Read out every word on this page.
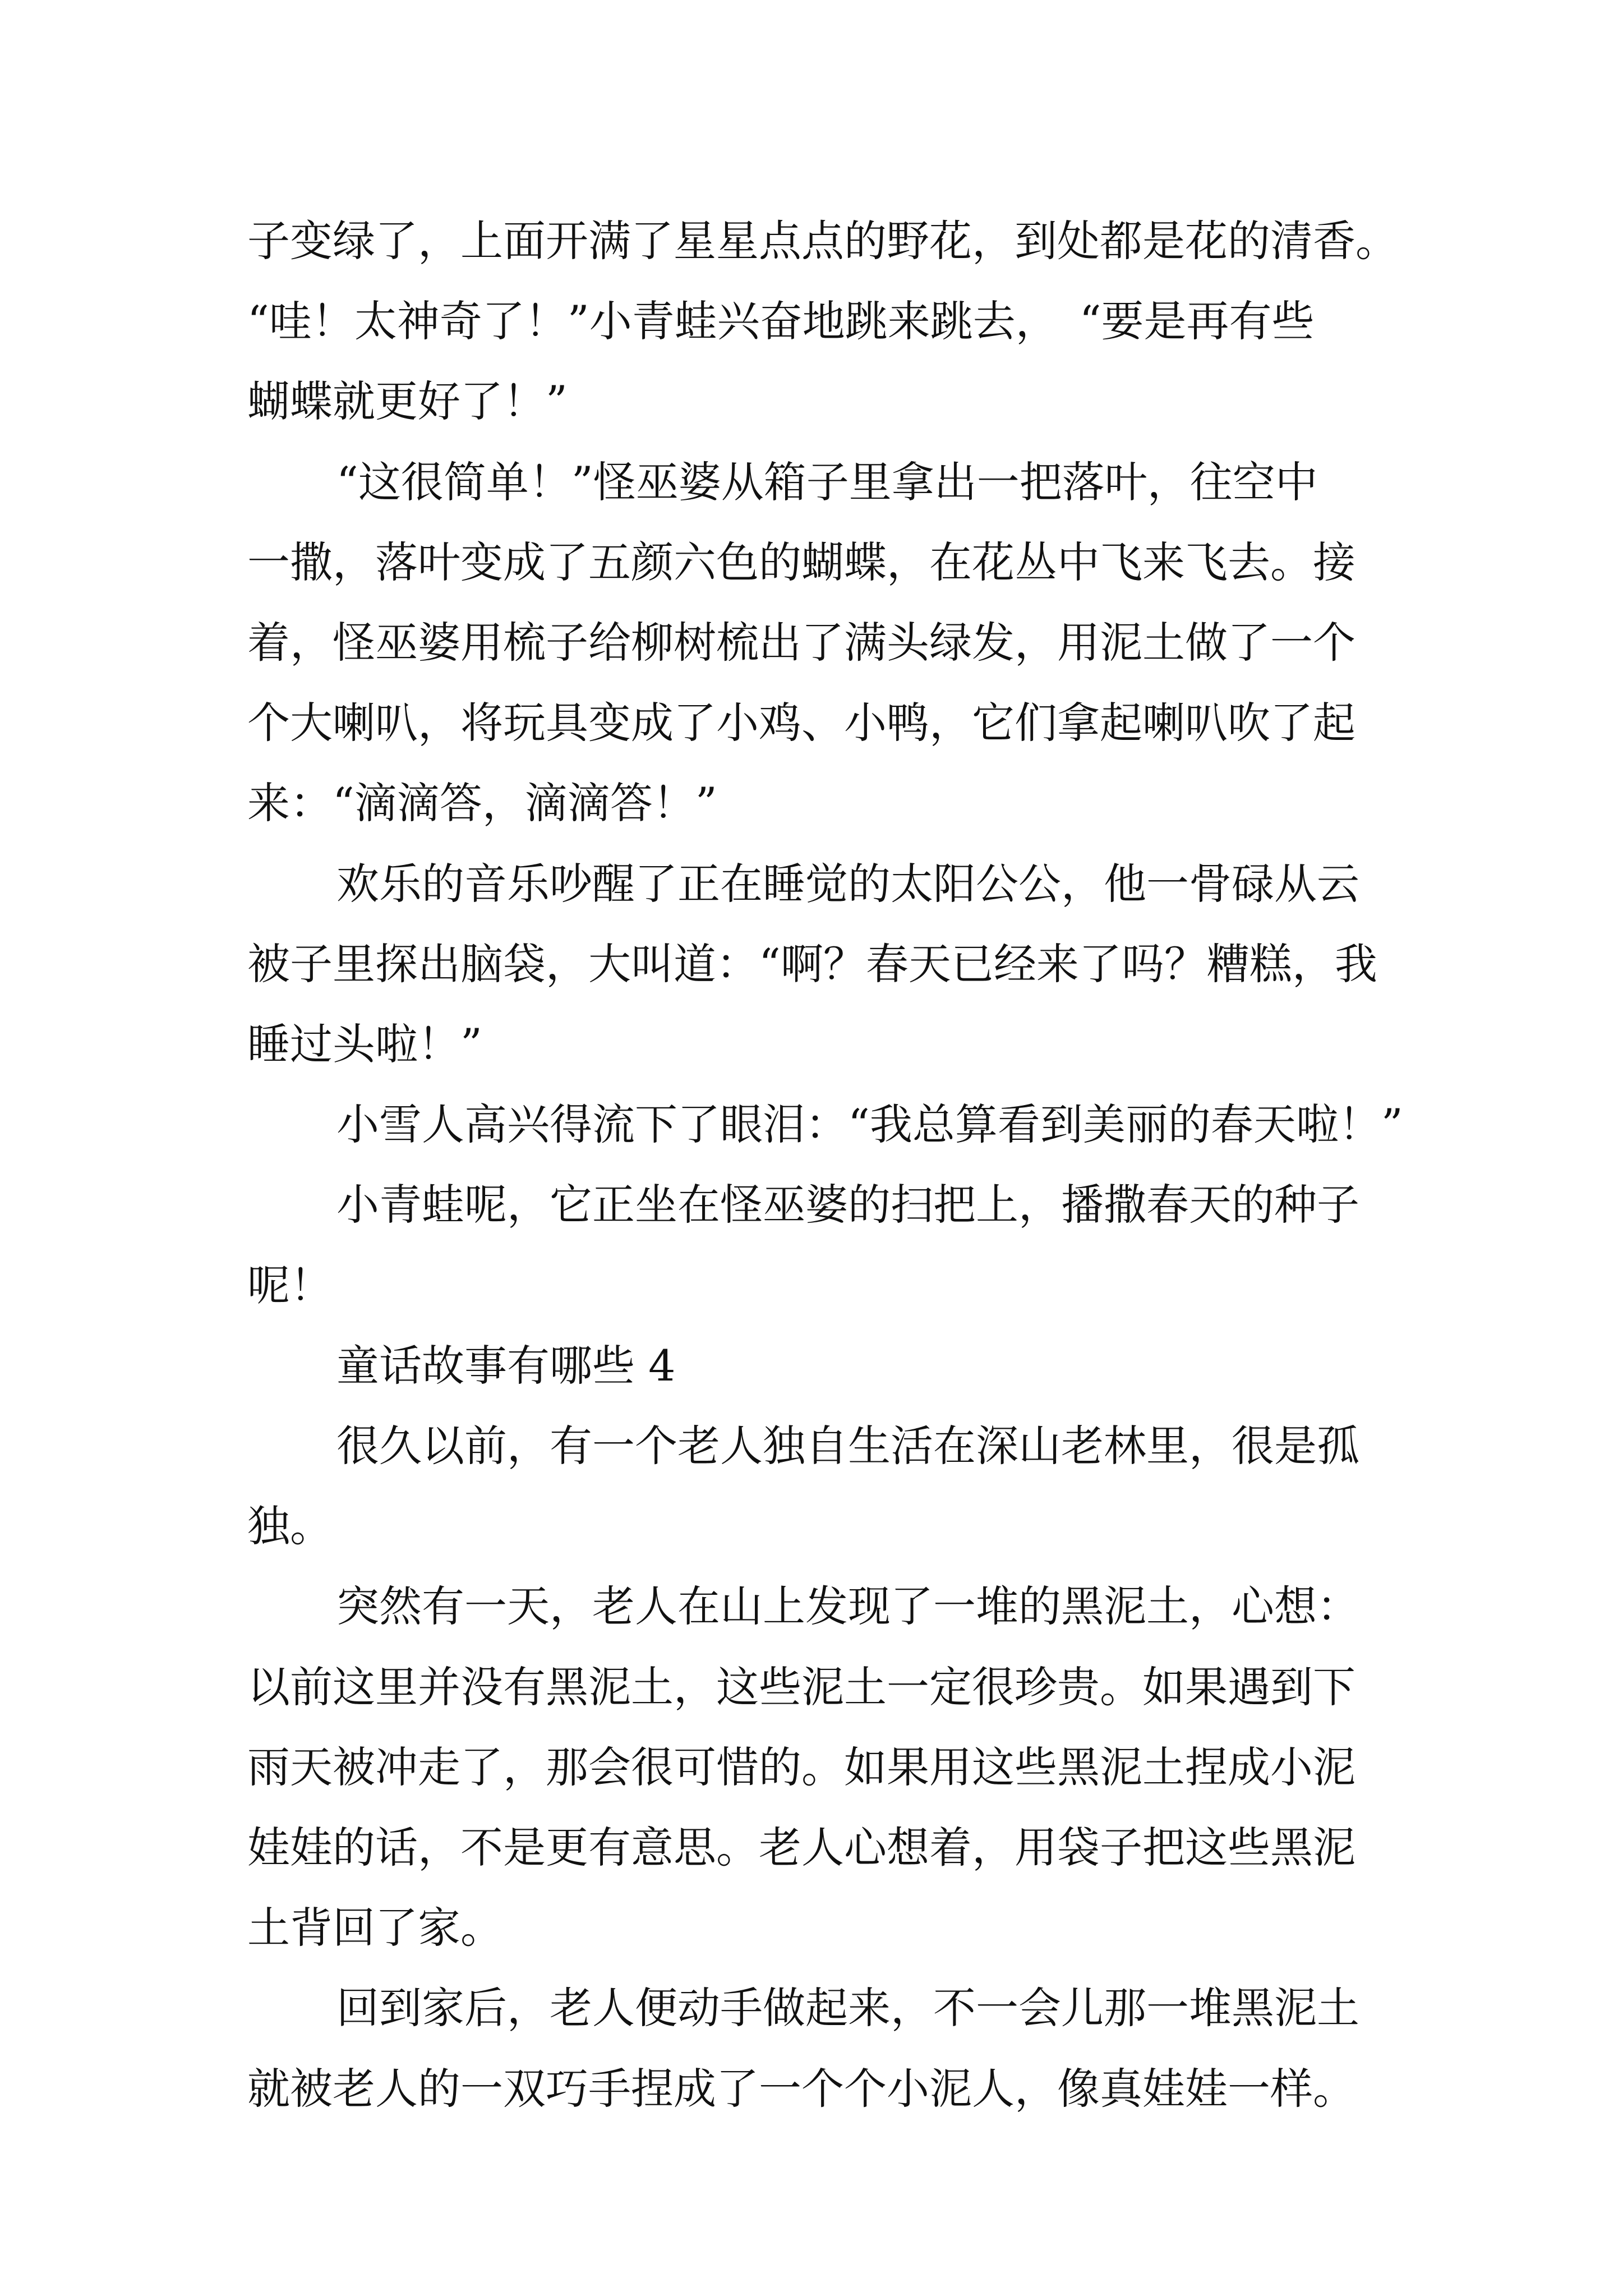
子变绿了，上面开满了星星点点的野花，到处都是花的清香。
“哇！太神奇了！”小青蛙兴奋地跳来跳去，　“要是再有些
蝴蝶就更好了！”
“这很简单！”怪巫婆从箱子里拿出一把落叶，往空中
一撒，落叶变成了五颜六色的蝴蝶，在花丛中飞来飞去。接
着，怪巫婆用梳子给柳树梳出了满头绿发，用泥土做了一个
个大喇叭，将玩具变成了小鸡、小鸭，它们拿起喇叭吹了起
来：“滴滴答，滴滴答！”
欢乐的音乐吵醒了正在睡觉的太阳公公，他一骨碌从云
被子里探出脑袋，大叫道：“啊？春天已经来了吗？糟糕，我
睡过头啦！”
小雪人高兴得流下了眼泪：“我总算看到美丽的春天啦！”
小青蛙呢，它正坐在怪巫婆的扫把上，播撒春天的种子
呢！
童话故事有哪些 4
很久以前，有一个老人独自生活在深山老林里，很是孤
独。
突然有一天，老人在山上发现了一堆的黑泥土，心想：
以前这里并没有黑泥土，这些泥土一定很珍贵。如果遇到下
雨天被冲走了，那会很可惜的。如果用这些黑泥土捏成小泥
娃娃的话，不是更有意思。老人心想着，用袋子把这些黑泥
土背回了家。
回到家后，老人便动手做起来，不一会儿那一堆黑泥土
就被老人的一双巧手捏成了一个个小泥人，像真娃娃一样。
